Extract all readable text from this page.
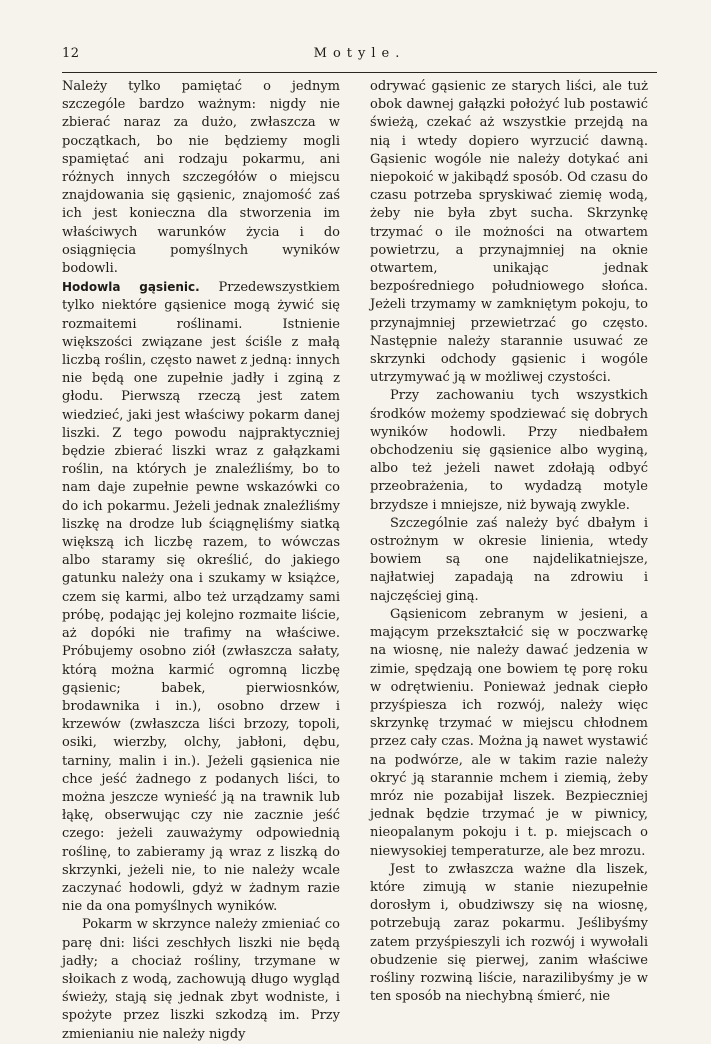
12	Motyle.

Należy tylko pamiętać o jednym szczególe bardzo ważnym: nigdy nie zbierać naraz za dużo, zwłaszcza w początkach, bo nie będziemy mogli spamiętać ani rodzaju pokarmu, ani różnych innych szczegółów o miejscu znajdowania się gąsienic, znajomość zaś ich jest konieczna dla stworzenia im właściwych warunków życia i do osiągnięcia pomyślnych wyników bodowli.

Hodowla gąsienic. Przedewszystkiem tylko niektóre gąsienice mogą żywić się rozmaitemi roślinami. Istnienie większości związane jest ściśle z małą liczbą roślin, często nawet z jedną: innych nie będą one zupełnie jadły i zginą z głodu. Pierwszą rzeczą jest zatem wiedzieć, jaki jest właściwy pokarm danej liszki. Z tego powodu najpraktyczniej będzie zbierać liszki wraz z gałązkami roślin, na których je znaleźliśmy, bo to nam daje zupełnie pewne wskazówki co do ich pokarmu. Jeżeli jednak znaleźliśmy liszkę na drodze lub ściągnęliśmy siatką większą ich liczbę razem, to wówczas albo staramy się określić, do jakiego gatunku należy ona i szukamy w książce, czem się karmi, albo też urządzamy sami próbę, podając jej kolejno rozmaite liście, aż dopóki nie trafimy na właściwe. Próbujemy osobno ziół (zwłaszcza sałaty, którą można karmić ogromną liczbę gąsienic; babek, pierwiosnków, brodawnika i in.), osobno drzew i krzewów (zwłaszcza liści brzozy, topoli, osiki, wierzby, olchy, jabłoni, dębu, tarniny, malin i in.). Jeżeli gąsienica nie chce jeść żadnego z podanych liści, to można jeszcze wynieść ją na trawnik lub łąkę, obserwując czy nie zacznie jeść czego: jeżeli zauważymy odpowiednią roślinę, to zabieramy ją wraz z liszką do skrzynki, jeżeli nie, to nie należy wcale zaczynać hodowli, gdyż w żadnym razie nie da ona pomyślnych wyników.

Pokarm w skrzynce należy zmieniać co parę dni: liści zeschłych liszki nie będą jadły; a chociaż rośliny, trzymane w słoikach z wodą, zachowują długo wygląd świeży, stają się jednak zbyt wodniste, i spożyte przez liszki szkodzą im. Przy zmienianiu nie należy nigdy

odrywać gąsienic ze starych liści, ale tuż obok dawnej gałązki położyć lub postawić świeżą, czekać aż wszystkie przejdą na nią i wtedy dopiero wyrzucić dawną. Gąsienic wogóle nie należy dotykać ani niepokoić w jakibądź sposób. Od czasu do czasu potrzeba spryskiwać ziemię wodą, żeby nie była zbyt sucha. Skrzynkę trzymać o ile możności na otwartem powietrzu, a przynajmniej na oknie otwartem, unikając jednak bezpośredniego południowego słońca. Jeżeli trzymamy w zamkniętym pokoju, to przynajmniej przewietrzać go często. Następnie należy starannie usuwać ze skrzynki odchody gąsienic i wogóle utrzymywać ją w możliwej czystości.

Przy zachowaniu tych wszystkich środków możemy spodziewać się dobrych wyników hodowli. Przy niedbałem obchodzeniu się gąsienice albo wyginą, albo też jeżeli nawet zdołają odbyć przeobrażenia, to wydadzą motyle brzydsze i mniejsze, niż bywają zwykle.

Szczególnie zaś należy być dbałym i ostrożnym w okresie linienia, wtedy bowiem są one najdelikatniejsze, najłatwiej zapadają na zdrowiu i najczęściej giną.

Gąsienicom zebranym w jesieni, a mającym przekształcić się w poczwarkę na wiosnę, nie należy dawać jedzenia w zimie, spędzają one bowiem tę porę roku w odrętwieniu. Ponieważ jednak ciepło przyśpiesza ich rozwój, należy więc skrzynkę trzymać w miejscu chłodnem przez cały czas. Można ją nawet wystawić na podwórze, ale w takim razie należy okryć ją starannie mchem i ziemią, żeby mróz nie pozabijał liszek. Bezpieczniej jednak będzie trzymać je w piwnicy, nieopalanym pokoju i t. p. miejscach o niewysokiej temperaturze, ale bez mrozu.

Jest to zwłaszcza ważne dla liszek, które zimują w stanie niezupełnie dorosłym i, obudziwszy się na wiosnę, potrzebują zaraz pokarmu. Jeślibyśmy zatem przyśpieszyli ich rozwój i wywołali obudzenie się pierwej, zanim właściwe rośliny rozwiną liście, narazilibyśmy je w ten sposób na niechybną śmierć, nie
